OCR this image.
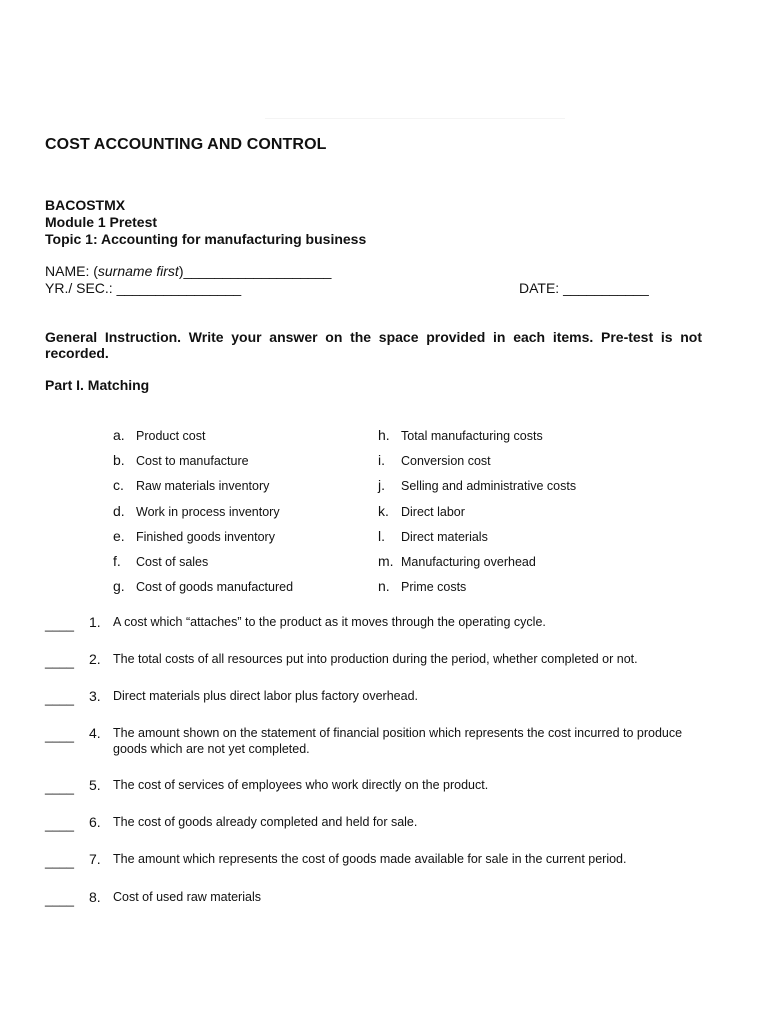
COST ACCOUNTING AND CONTROL
BACOSTMX
Module 1 Pretest
Topic 1: Accounting for manufacturing business
NAME: (surname first)___________________
YR./ SEC.: ________________	DATE: ___________
General Instruction. Write your answer on the space provided in each items. Pre-test is not recorded.
Part I. Matching
a. Product cost
b. Cost to manufacture
c. Raw materials inventory
d. Work in process inventory
e. Finished goods inventory
f.	Cost of sales
g. Cost of goods manufactured
h. Total manufacturing costs
i.	Conversion cost
j.	Selling and administrative costs
k. Direct labor
l.	Direct materials
m. Manufacturing overhead
n. Prime costs
____	1. A cost which “attaches” to the product as it moves through the operating cycle.
____	2. The total costs of all resources put into production during the period, whether completed or not.
____	3. Direct materials plus direct labor plus factory overhead.
____	4. The amount shown on the statement of financial position which represents the cost incurred to produce goods which are not yet completed.
____	5. The cost of services of employees who work directly on the product.
____	6. The cost of goods already completed and held for sale.
____	7. The amount which represents the cost of goods made available for sale in the current period.
____	8. Cost of used raw materials
